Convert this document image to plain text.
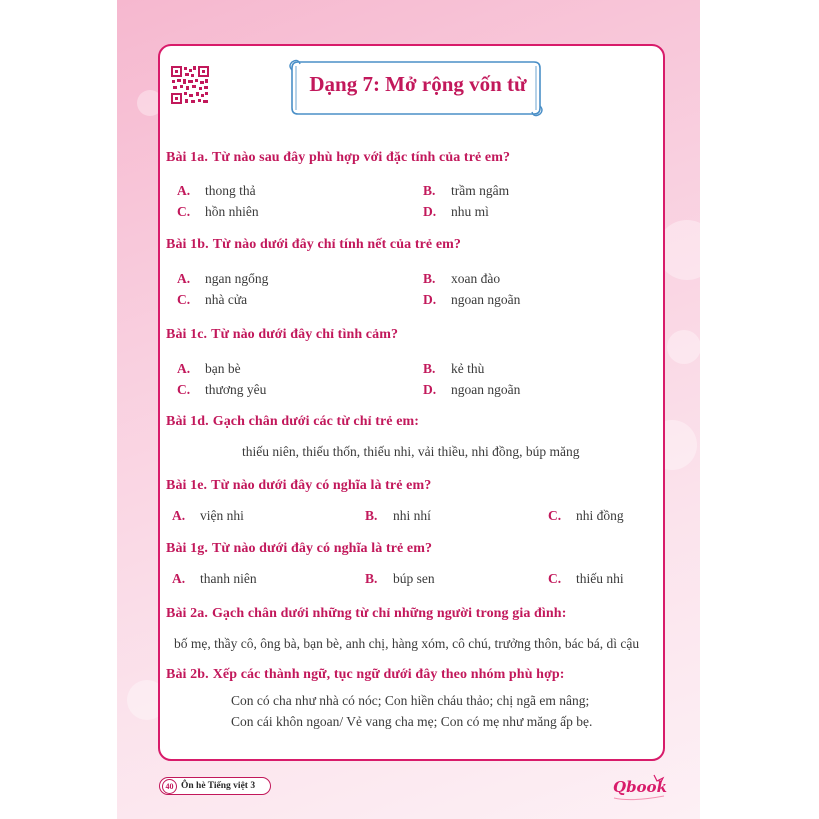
Dạng 7: Mở rộng vốn từ
Bài 1a. Từ nào sau đây phù hợp với đặc tính của trẻ em?
A. thong thả	B. trầm ngâm
C. hồn nhiên	D. nhu mì
Bài 1b. Từ nào dưới đây chỉ tính nết của trẻ em?
A. ngan ngổng	B. xoan đào
C. nhà cửa	D. ngoan ngoãn
Bài 1c. Từ nào dưới đây chỉ tình cảm?
A. bạn bè	B. kẻ thù
C. thương yêu	D. ngoan ngoãn
Bài 1d. Gạch chân dưới các từ chỉ trẻ em:
thiếu niên, thiếu thốn, thiếu nhi, vải thiều, nhi đồng, búp măng
Bài 1e. Từ nào dưới đây có nghĩa là trẻ em?
A. viện nhi	B. nhi nhí	C. nhi đồng
Bài 1g. Từ nào dưới đây có nghĩa là trẻ em?
A. thanh niên	B. búp sen	C. thiếu nhi
Bài 2a. Gạch chân dưới những từ chỉ những người trong gia đình:
bố mẹ, thầy cô, ông bà, bạn bè, anh chị, hàng xóm, cô chú, trưởng thôn, bác bá, dì cậu
Bài 2b. Xếp các thành ngữ, tục ngữ dưới đây theo nhóm phù hợp:
Con có cha như nhà có nóc; Con hiền cháu thảo; chị ngã em nâng;
Con cái khôn ngoan/ Vẻ vang cha mẹ; Con có mẹ như măng ấp bẹ.
40 Ôn hè Tiếng việt 3	Qbook
